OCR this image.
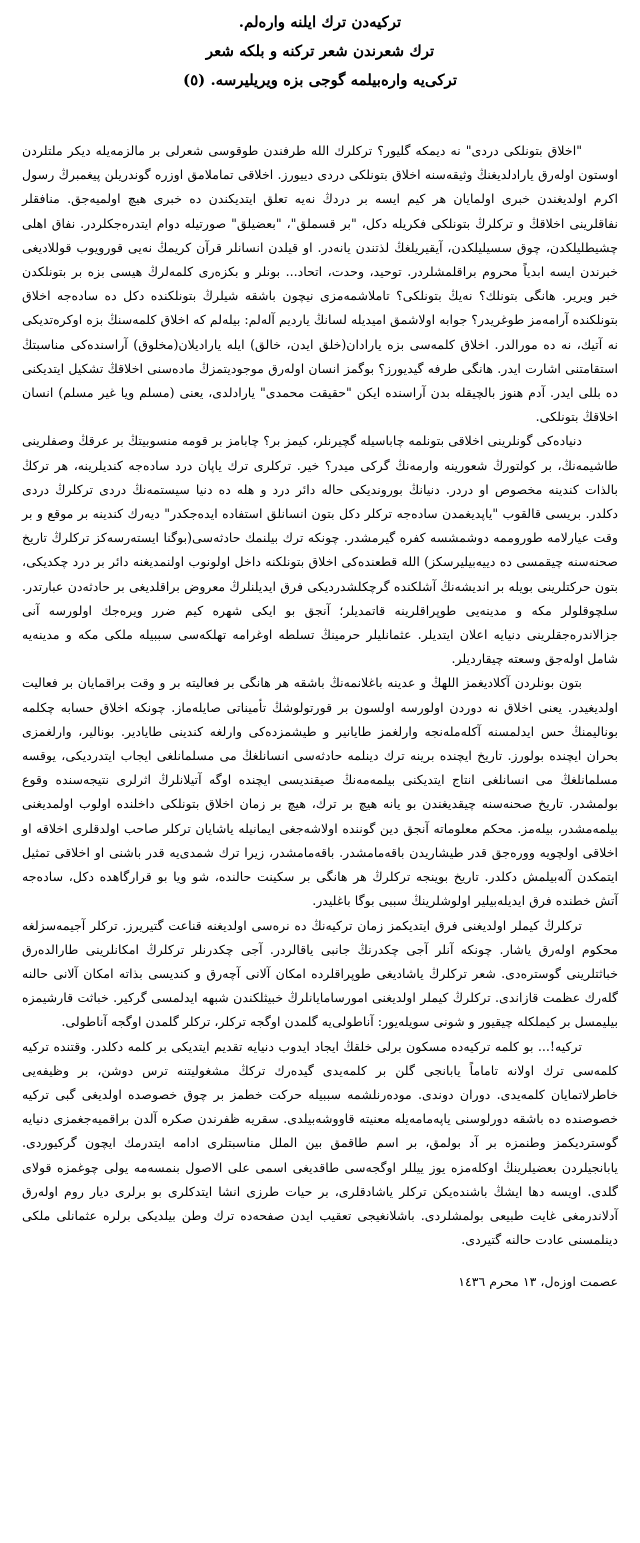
ترکیه‌دن ترك ایلنه وارەلم.
ترك شعرندن شعر ترکنه و بلکه شعر
ترکی‌یه وارەبیلمه گوجی بزه ویریلیرسه. (٥)

"اخلاق بتونلکی دردی" نه دیمکه گلیور؟ ترکلرك الله طرفندن طوقوسی شعرلی بر مالزمه‌یله دیکر ملتلردن اوستون اولەرق یارادلدیغنڭ وثیقه‌سنه اخلاق بتونلکی دردی دییورز. اخلاقی تماملامق اوزره گوندریلن پیغمبرڭ رسول اکرم اولدیغندن خبری اولمایان هر کیم ایسه بر دردڭ نه‌یه تعلق ایتدیکندن ده خبری هیچ اولمیه‌جق. منافقلر نفاقلرینی اخلاقڭ و ترکلرڭ بتونلکی فکریله دکل، "بر قسملق"، "بعضیلق" صورتیله دوام ایتدرەجکلردر. نفاق اهلی چشیطلیلکدن، چوق سسیلیلکدن، آیقیریلغڭ لذتندن یانەدر. او قیلدن انسانلر قرآن کریمڭ نەیی قورویوب قوللادیغی خبرندن ایسه ابدیاً محروم براقلمشلردر. توحید، وحدت، اتحاد... بونلر و بکزەری کلمه‌لرڭ هیسی بزه بر بتونلکدن خبر ویریر. هانگی بتونلك؟ نەیڭ بتونلکی؟ تاملاشمه‌مزی نیچون باشقه شیلرڭ بتونلکنده دکل ده ساده‌جه اخلاق بتونلکنده آرامەمز طوغریدر؟ جوابه اولاشمق امیدیله لسانڭ یاردیم آلەلم: بیلەلم که اخلاق کلمه‌سنڭ بزه اوکرەتدیکی نه آتیك، نه ده مورالدر. اخلاق کلمه‌سی بزه یارادان(خلق ایدن، خالق) ایله یارادیلان(مخلوق) آراسنده‌کی مناسبتڭ استقامتنی اشارت ایدر. هانگی طرفه گیدیورز؟ بوگمز انسان اولەرق موجودیتمزڭ ماده‌سنی اخلاقڭ تشکیل ایتدیکنی ده بللی ایدر. آدم هنوز بالچیقله بدن آراسنده ایکن "حقیقت محمدی" یارادلدی، یعنی (مسلم ویا غیر مسلم) انسان اخلاقڭ بتونلکی.

دنیاده‌کی گونلرینی اخلاقی بتونلمه چاباسیله گچیرنلر، کیمز بر؟ چابامز بر قومه منسوبیتڭ بر عرقڭ وصفلرینی طاشیمه‌نڭ، بر کولتورڭ شعورینه وارمه‌نڭ گرکی میدر؟ خیر. ترکلری ترك یاپان درد ساده‌جه کندیلرینه، هر ترکڭ بالذات کندینه مخصوص او دردر. دنیانڭ بورونديکی حاله دائر درد و هله ده دنیا سیستمه‌نڭ دردی ترکلرڭ دردی دکلدر. بریسی قالقوب "یاپدیغمدن ساده‌جه ترکلر دکل بتون انسانلق استفاده ایده‌جکدر" دیه‌رك کندینه بر موقع و بر وقت عیارلامه طوروممه دوشمشسه کفره گیرمشدر. چونکه ترك بیلنمك حادثه‌سی(بوگنا ایسته‌رسه‌كز ترکلرڭ تاریخ صحنه‌سنه چیقمسی ده دییه‌بیلیرسکز) الله قطعنده‌کی اخلاق بتونلکنه داخل اولونوب اولنمدیغنه دائر بر درد چکدیکی، بتون حرکتلرینی بویله بر اندیشه‌نڭ آشلکنده گرچکلشدردیکی فرق ایدیلنلرڭ معروض براقلدیغی بر حادثه‌دن عبارتدر. سلچوقلولر مکه و مدینه‌یی طوپراقلرینه قاتمدیلر؛ آنجق بو ایکی شهره کیم ضرر ویره‌جك اولورسه آنی جزالاندره‌جقلرینی دنیایه اعلان ایتدیلر. عثمانلیلر حرمینڭ تسلطه اوغرامه تهلکه‌سی سببیله ملکی مکه و مدینه‌یه شامل اوله‌جق وسعته چیقاردیلر.

بتون بونلردن آکلادیغمز اللهڭ و عدینه باغلانمه‌نڭ باشقه هر هانگی بر فعالیته بر و وقت براقمایان بر فعالیت اولدیغیدر. یعنی اخلاق نه دوردن اولورسه اولسون بر قورتولوشڭ تأمیناتی صایلەماز. چونکه اخلاق حسابه چکلمه بونالیمنڭ حس ایدلمسنه آکلەمله‌نجه وارلغمز طایانیر و طیشمزده‌کی وارلغه کندینی طایادیر. بونالیر، وارلغمزی بحران ایچنده بولورز. تاریخ ایچنده برینه ترك دینلمه حادثه‌سی انسانلغڭ می مسلمانلغی ایجاب ایتدردیکی، یوقسه مسلمانلغڭ می انسانلغی انتاج ایتدیکنی بیلمه‌مه‌نڭ صیقندیسی ایچنده اوگه آتیلانلرڭ اثرلری نتیجه‌سنده وقوع بولمشدر. تاریخ صحنه‌سنه چیقدیغندن بو یانه هیچ بر ترك، هیچ بر زمان اخلاق بتونلکی داخلنده اولوب اولمدیغنی بیلمه‌مشدر، بیلەمز. محکم معلوماته آنجق دین گوننده اولاشه‌جغی ایمانیله یاشایان ترکلر صاحب اولدقلری اخلاقه او اخلاقی اولچویه وورەجق قدر طیشاریدن باقەمامشدر. باقەمامشدر، زیرا ترك شمدی‌یه قدر باشنی او اخلاقی تمثیل ایتمکدن آلەبیلمش دکلدر. تاریخ بوینجه ترکلرڭ هر هانگی بر سکینت حالنده، شو ویا بو قرارگاهده دکل، ساده‌جه آتش خطنده فرق ایدیله‌بیلیر اولوشلرینڭ سببی بوگا باغلیدر.

ترکلرڭ کیملر اولدیغنی فرق ایتدیکمز زمان ترکیه‌نڭ ده نره‌سی اولدیغنه قناعت گتیریرز. ترکلر آجیمه‌سزلغه محکوم اوله‌رق یاشار. چونکه آنلر آجی چکدرنڭ جانبی یاقالردر. آجی چکدرنلر ترکلرڭ امکانلرینی طارالده‌رق خباثتلرینی گوسترەدی. شعر ترکلرڭ یاشادیغی طوپراقلرده امکان آلانی آچه‌رق و کندیسی بذاته امکان آلانی حالنه گله‌رك عظمت قازاندی. ترکلرڭ کیملر اولدیغنی امورسامایانلرڭ خبیثلکندن شبهه ایدلمسی گرکیر. خباثت قارشیمزه بیلیمسل بر کیملکله چیقیور و شونی سویله‌یور: آناطولی‌یه گلمدن اوگجه ترکلر، ترکلر گلمدن اوگجه آناطولی.

ترکیه!... بو کلمه ترکیه‌ده مسکون برلی خلقڭ ایجاد ایدوب دنیایه تقدیم ایتدیکی بر کلمه دکلدر. وقتنده ترکیه کلمه‌سی ترك اولانه تاماماً یابانجی گلن بر کلمه‌یدی گیده‌رك ترکڭ مشغولیتنه ترس دوشن، بر وظیفه‌یی خاطرلاتمایان کلمه‌یدی. دوران دوندی. مودەرنلشمه سببیله حرکت خطمز بر چوق خصوصده اولدیغی گبی ترکیه خصوصنده ده باشقه دورلوسنی یاپه‌مامه‌یله معنیته قاووشه‌بیلدی. سقریه ظفرندن صکره آلدن براقمیه‌جغمزی دنیایه گوستردیکمز وطنمزه بر آد بولمق، بر اسم طاقمق بین الملل مناسبتلری ادامه ایتدرمك ایچون گرکیوردی. یابانجیلردن بعضیلرینڭ اوکله‌مزه یوز ییللر اوگجه‌سی طاقدیغی اسمی علی الاصول بنمسه‌مه یولی چوغمزه قولای گلدی. اویسه دها ایشڭ باشنده‌یکن ترکلر یاشادقلری، بر حیات طرزی انشا ایتدکلری بو برلری دیار روم اوله‌رق آدلاندرمغی غایت طبیعی بولمشلردی. باشلانغیجی تعقیب ایدن صفحه‌ده ترك وطن بیلدیکی برلره عثمانلی ملکی دینلمسنی عادت حالنه گتیردی.

عصمت اوزەل، ١٣ محرم ١٤٣٦
